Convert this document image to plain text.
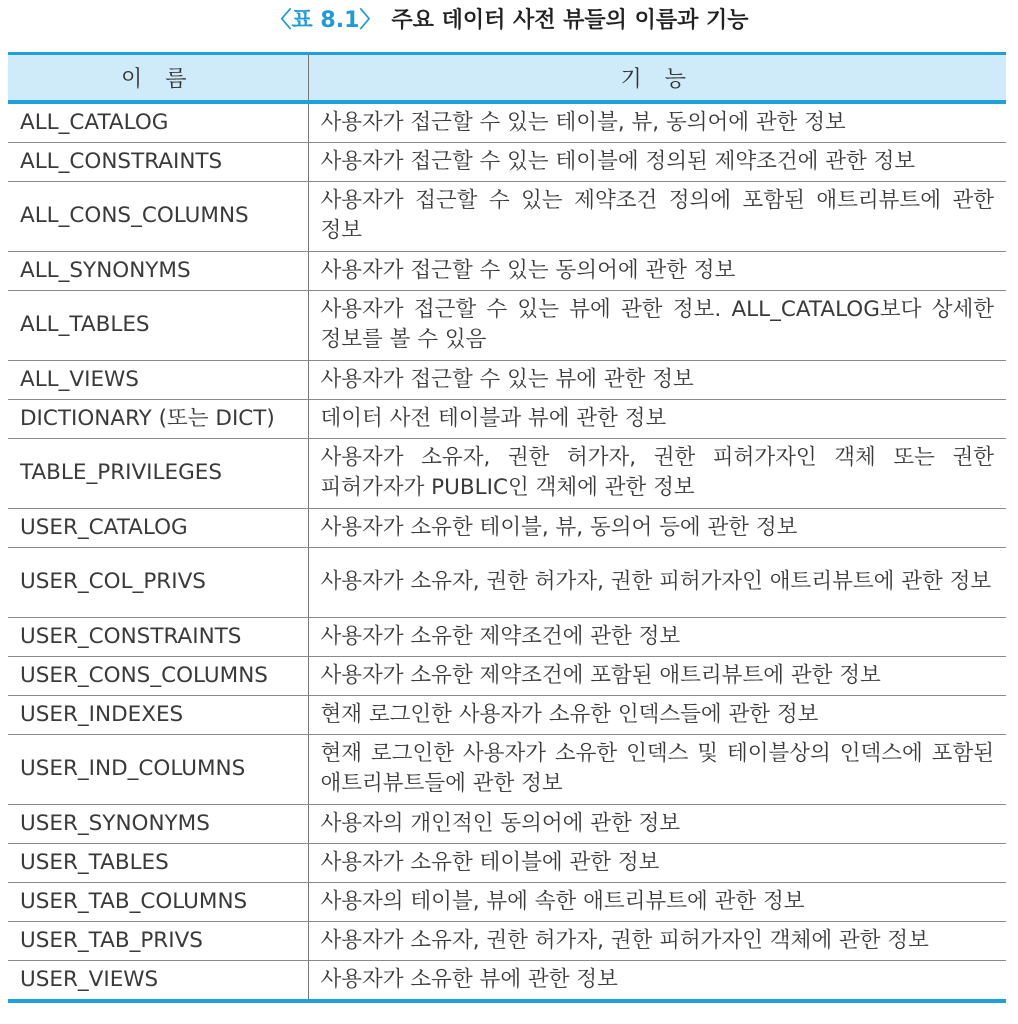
〈표 8.1〉 주요 데이터 사전 뷰들의 이름과 기능
이 름	기 능
ALL_CATALOG	사용자가 접근할 수 있는 테이블, 뷰, 동의어에 관한 정보
ALL_CONSTRAINTS	사용자가 접근할 수 있는 테이블에 정의된 제약조건에 관한 정보
ALL_CONS_COLUMNS	사용자가 접근할 수 있는 제약조건 정의에 포함된 애트리뷰트에 관한 정보
ALL_SYNONYMS	사용자가 접근할 수 있는 동의어에 관한 정보
ALL_TABLES	사용자가 접근할 수 있는 뷰에 관한 정보. ALL_CATALOG보다 상세한 정보를 볼 수 있음
ALL_VIEWS	사용자가 접근할 수 있는 뷰에 관한 정보
DICTIONARY (또는 DICT)	데이터 사전 테이블과 뷰에 관한 정보
TABLE_PRIVILEGES	사용자가 소유자, 권한 허가자, 권한 피허가자인 객체 또는 권한 피허가자가 PUBLIC인 객체에 관한 정보
USER_CATALOG	사용자가 소유한 테이블, 뷰, 동의어 등에 관한 정보
USER_COL_PRIVS	사용자가 소유자, 권한 허가자, 권한 피허가자인 애트리뷰트에 관한 정보
USER_CONSTRAINTS	사용자가 소유한 제약조건에 관한 정보
USER_CONS_COLUMNS	사용자가 소유한 제약조건에 포함된 애트리뷰트에 관한 정보
USER_INDEXES	현재 로그인한 사용자가 소유한 인덱스들에 관한 정보
USER_IND_COLUMNS	현재 로그인한 사용자가 소유한 인덱스 및 테이블상의 인덱스에 포함된 애트리뷰트들에 관한 정보
USER_SYNONYMS	사용자의 개인적인 동의어에 관한 정보
USER_TABLES	사용자가 소유한 테이블에 관한 정보
USER_TAB_COLUMNS	사용자의 테이블, 뷰에 속한 애트리뷰트에 관한 정보
USER_TAB_PRIVS	사용자가 소유자, 권한 허가자, 권한 피허가자인 객체에 관한 정보
USER_VIEWS	사용자가 소유한 뷰에 관한 정보
